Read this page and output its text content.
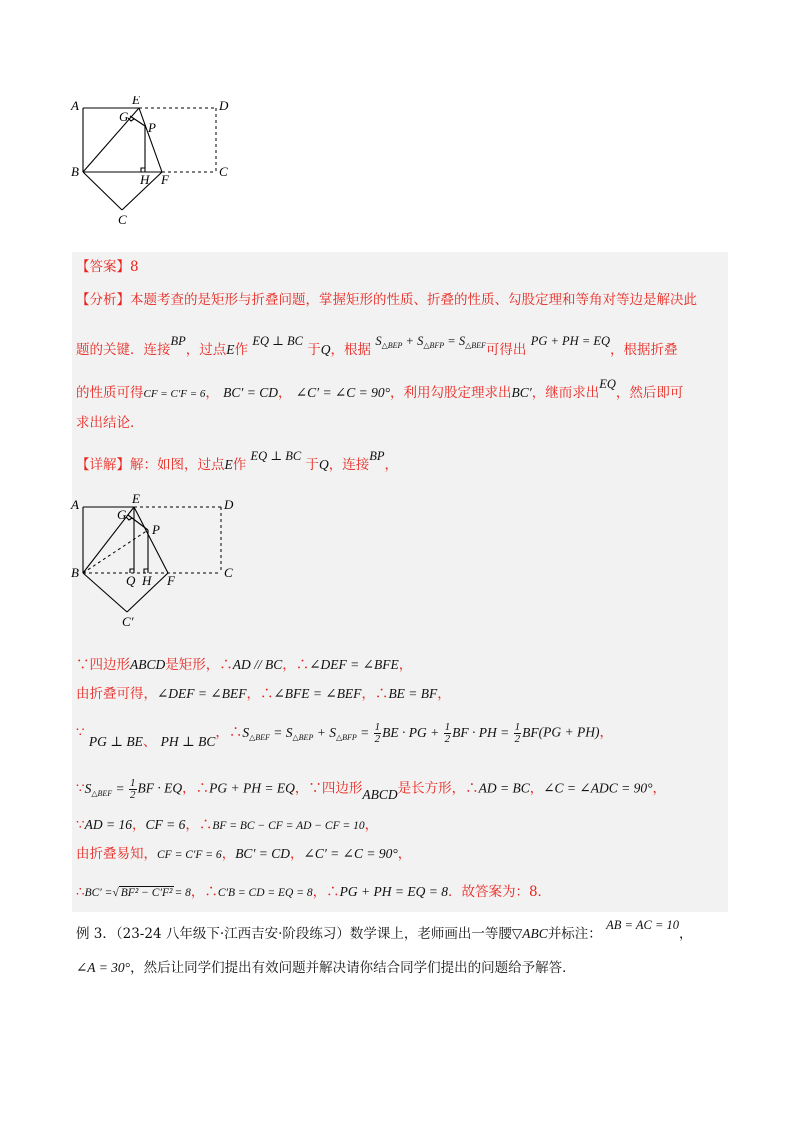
A	E	D
G
P
B
H F
C
C
【答案】8
【分析】本题考查的是矩形与折叠问题，掌握矩形的性质、折叠的性质、勾股定理和等角对等边是解决此
题的关键．连接BP，过点E作 EQ ⊥ BC 于Q，根据 $S_{\triangle BEP} + S_{\triangle BFP} = S_{\triangle BEF}$可得出 PG + PH = EQ，根据折叠
的性质可得CF = C′F = 6， BC′ = CD， ∠C′ = ∠C = 90°，利用勾股定理求出BC′，继而求出EQ，然后即可
求出结论．
【详解】解：如图，过点E作 EQ ⊥ BC 于Q，连接BP，
A	E	D
G
P
B
Q H F
C
C′
∵四边形ABCD是矩形，∴AD // BC，∴∠DEF = ∠BFE，
由折叠可得，∠DEF = ∠BEF，∴∠BFE = ∠BEF，∴BE = BF，
∵ PG ⊥ BE、 PH ⊥ BC，$\therefore S_{\triangle BEF} = S_{\triangle BEP} + S_{\triangle BFP} = \frac{1}{2}$ BE · PG + $\frac{1}{2}$ BF · PH = $\frac{1}{2} BF(PG + PH)$，
$\because S_{\triangle BEF} = \frac{1}{2}$ BF · EQ，∴PG + PH = EQ，∵四边形ABCD是长方形，∴AD = BC，∠C = ∠ADC = 90°，
∵AD = 16，CF = 6，∴BF = BC − CF = AD − CF = 10，
由折叠易知，CF = C′F = 6，BC′ = CD，∠C′ = ∠C = 90°，
∴BC′ =√ BF² − C′F² = 8，∴C′B = CD = EQ = 8，∴PG + PH = EQ = 8．故答案为：8．
例 3．（23-24 八年级下·江西吉安·阶段练习）数学课上，老师画出一等腰▽ABC并标注： AB = AC = 10，
∠A = 30°，然后让同学们提出有效问题并解决请你结合同学们提出的问题给予解答．
